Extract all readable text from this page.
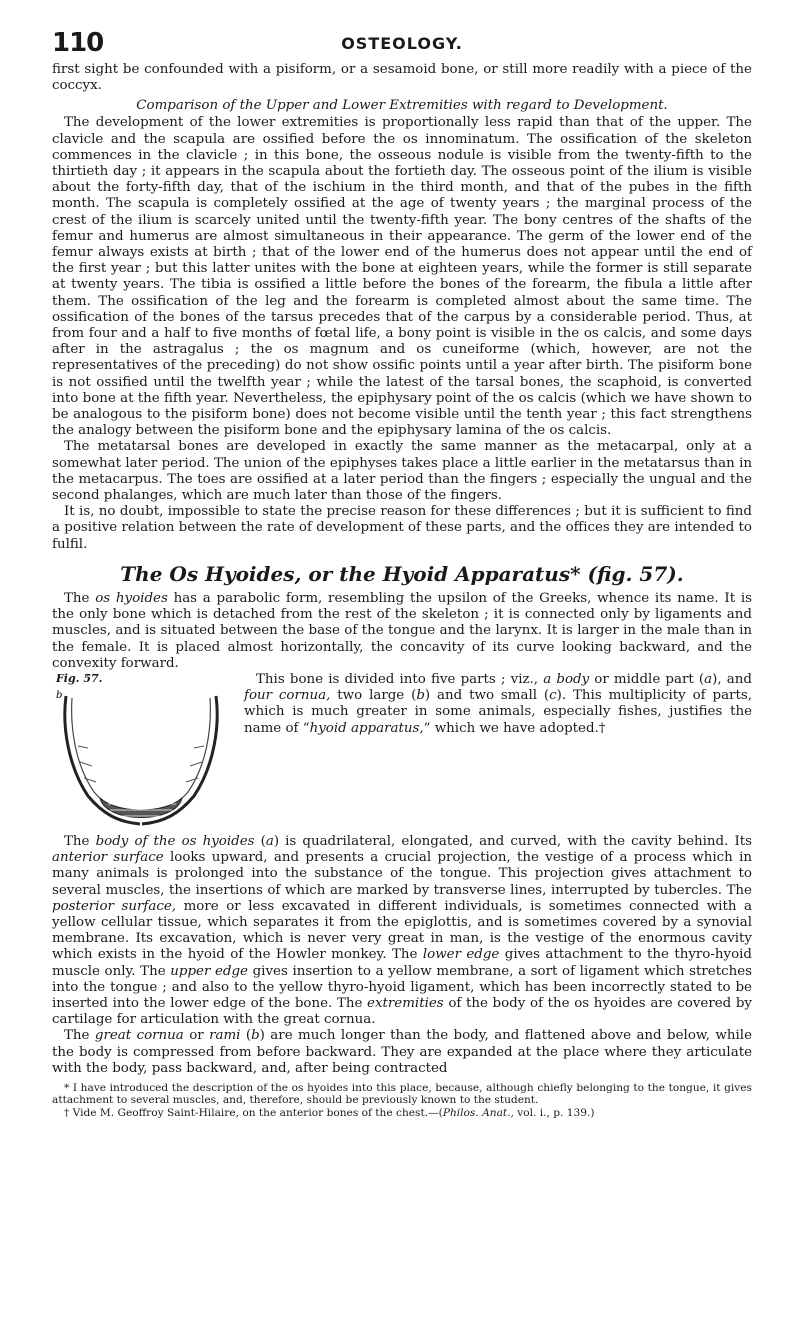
110	OSTEOLOGY.

first sight be confounded with a pisiform, or a sesamoid bone, or still more readily with a piece of the coccyx.

Comparison of the Upper and Lower Extremities with regard to Development.

The development of the lower extremities is proportionally less rapid than that of the upper. The clavicle and the scapula are ossified before the os innominatum. The ossification of the skeleton commences in the clavicle ; in this bone, the osseous nodule is visible from the twenty-fifth to the thirtieth day ; it appears in the scapula about the fortieth day. The osseous point of the ilium is visible about the forty-fifth day, that of the ischium in the third month, and that of the pubes in the fifth month. The scapula is completely ossified at the age of twenty years ; the marginal process of the crest of the ilium is scarcely united until the twenty-fifth year. The bony centres of the shafts of the femur and humerus are almost simultaneous in their appearance. The germ of the lower end of the femur always exists at birth ; that of the lower end of the humerus does not appear until the end of the first year ; but this latter unites with the bone at eighteen years, while the former is still separate at twenty years. The tibia is ossified a little before the bones of the forearm, the fibula a little after them. The ossification of the leg and the forearm is completed almost about the same time. The ossification of the bones of the tarsus precedes that of the carpus by a considerable period. Thus, at from four and a half to five months of fœtal life, a bony point is visible in the os calcis, and some days after in the astragalus ; the os magnum and os cuneiforme (which, however, are not the representatives of the preceding) do not show ossific points until a year after birth. The pisiform bone is not ossified until the twelfth year ; while the latest of the tarsal bones, the scaphoid, is converted into bone at the fifth year. Nevertheless, the epiphysary point of the os calcis (which we have shown to be analogous to the pisiform bone) does not become visible until the tenth year ; this fact strengthens the analogy between the pisiform bone and the epiphysary lamina of the os calcis.

The metatarsal bones are developed in exactly the same manner as the metacarpal, only at a somewhat later period. The union of the epiphyses takes place a little earlier in the metatarsus than in the metacarpus. The toes are ossified at a later period than the fingers ; especially the ungual and the second phalanges, which are much later than those of the fingers.

It is, no doubt, impossible to state the precise reason for these differences ; but it is sufficient to find a positive relation between the rate of development of these parts, and the offices they are intended to fulfil.

The Os Hyoides, or the Hyoid Apparatus* (fig. 57).

The os hyoides has a parabolic form, resembling the upsilon of the Greeks, whence its name. It is the only bone which is detached from the rest of the skeleton ; it is connected only by ligaments and muscles, and is situated between the base of the tongue and the larynx. It is larger in the male than in the female. It is placed almost horizontally, the concavity of its curve looking backward, and the convexity forward.

Fig. 57.
b

This bone is divided into five parts ; viz., a body or middle part (a), and four cornua, two large (b) and two small (c). This multiplicity of parts, which is much greater in some animals, especially fishes, justifies the name of “hyoid apparatus,” which we have adopted.†

The body of the os hyoides (a) is quadrilateral, elongated, and curved, with the cavity behind. Its anterior surface looks upward, and presents a crucial projection, the vestige of a process which in many animals is prolonged into the substance of the tongue. This projection gives attachment to several muscles, the insertions of which are marked by transverse lines, interrupted by tubercles. The posterior surface, more or less excavated in different individuals, is sometimes connected with a yellow cellular tissue, which separates it from the epiglottis, and is sometimes covered by a synovial membrane. Its excavation, which is never very great in man, is the vestige of the enormous cavity which exists in the hyoid of the Howler monkey. The lower edge gives attachment to the thyro-hyoid muscle only. The upper edge gives insertion to a yellow membrane, a sort of ligament which stretches into the tongue ; and also to the yellow thyro-hyoid ligament, which has been incorrectly stated to be inserted into the lower edge of the bone. The extremities of the body of the os hyoides are covered by cartilage for articulation with the great cornua.

The great cornua or rami (b) are much longer than the body, and flattened above and below, while the body is compressed from before backward. They are expanded at the place where they articulate with the body, pass backward, and, after being contracted

* I have introduced the description of the os hyoides into this place, because, although chiefly belonging to the tongue, it gives attachment to several muscles, and, therefore, should be previously known to the student.

† Vide M. Geoffroy Saint-Hilaire, on the anterior bones of the chest.—(Philos. Anat., vol. i., p. 139.)
